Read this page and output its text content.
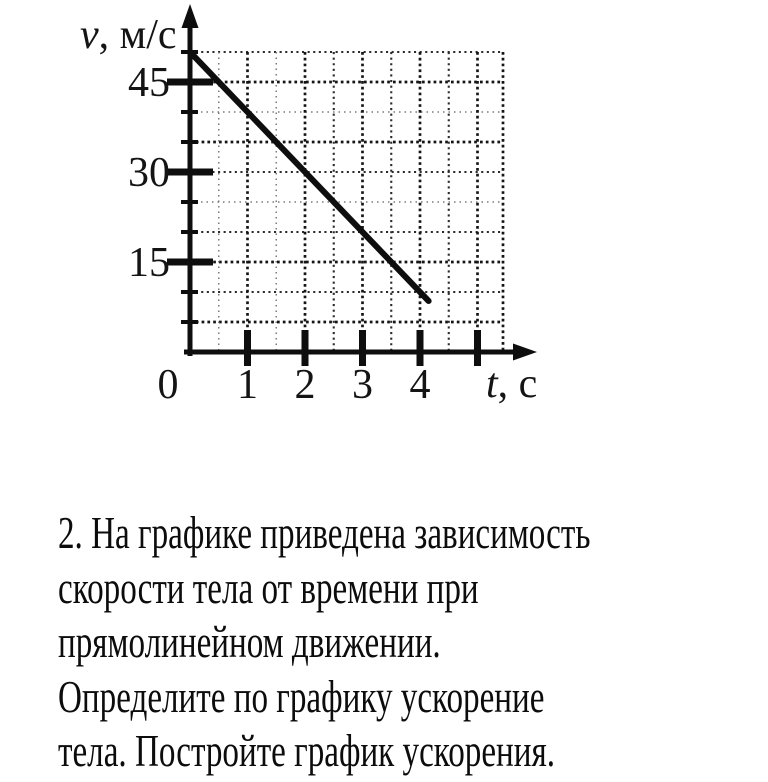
45
30
15
0 1 2 3 4
v, м/с
t, с
2. На графике приведена зависимость
скорости тела от времени при
прямолинейном движении.
Определите по графику ускорение
тела. Постройте график ускорения.
